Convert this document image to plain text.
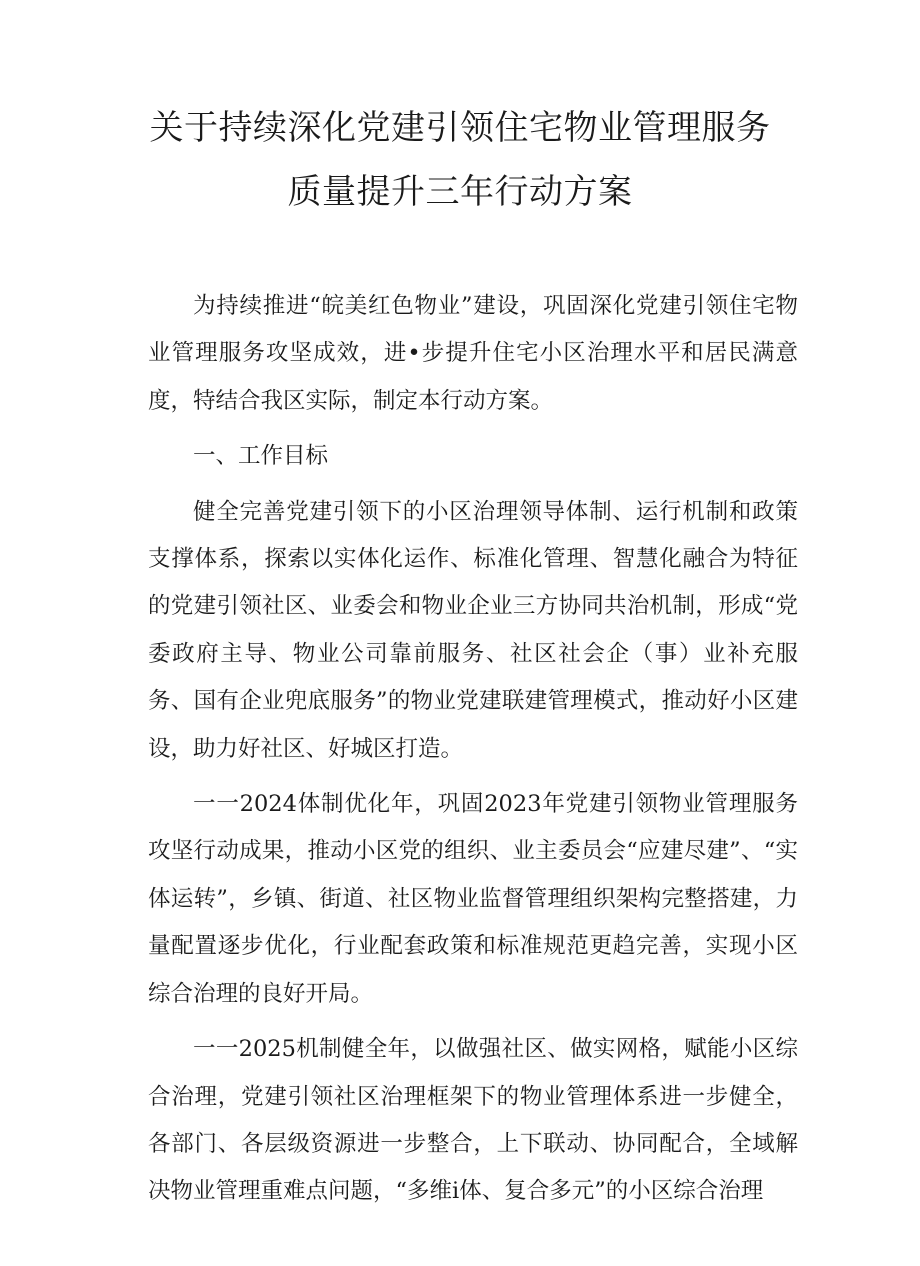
关于持续深化党建引领住宅物业管理服务
质量提升三年行动方案

为持续推进“皖美红色物业”建设，巩固深化党建引领住宅物业管理服务攻坚成效，进•步提升住宅小区治理水平和居民满意度，特结合我区实际，制定本行动方案。

一、工作目标

健全完善党建引领下的小区治理领导体制、运行机制和政策支撑体系，探索以实体化运作、标准化管理、智慧化融合为特征的党建引领社区、业委会和物业企业三方协同共治机制，形成“党委政府主导、物业公司靠前服务、社区社会企（事）业补充服务、国有企业兜底服务”的物业党建联建管理模式，推动好小区建设，助力好社区、好城区打造。

一一2024体制优化年，巩固2023年党建引领物业管理服务攻坚行动成果，推动小区党的组织、业主委员会“应建尽建”、“实体运转”，乡镇、街道、社区物业监督管理组织架构完整搭建，力量配置逐步优化，行业配套政策和标准规范更趋完善，实现小区综合治理的良好开局。

一一2025机制健全年，以做强社区、做实网格，赋能小区综合治理，党建引领社区治理框架下的物业管理体系进一步健全，各部门、各层级资源进一步整合，上下联动、协同配合，全域解决物业管理重难点问题，“多维i体、复合多元”的小区综合治理
